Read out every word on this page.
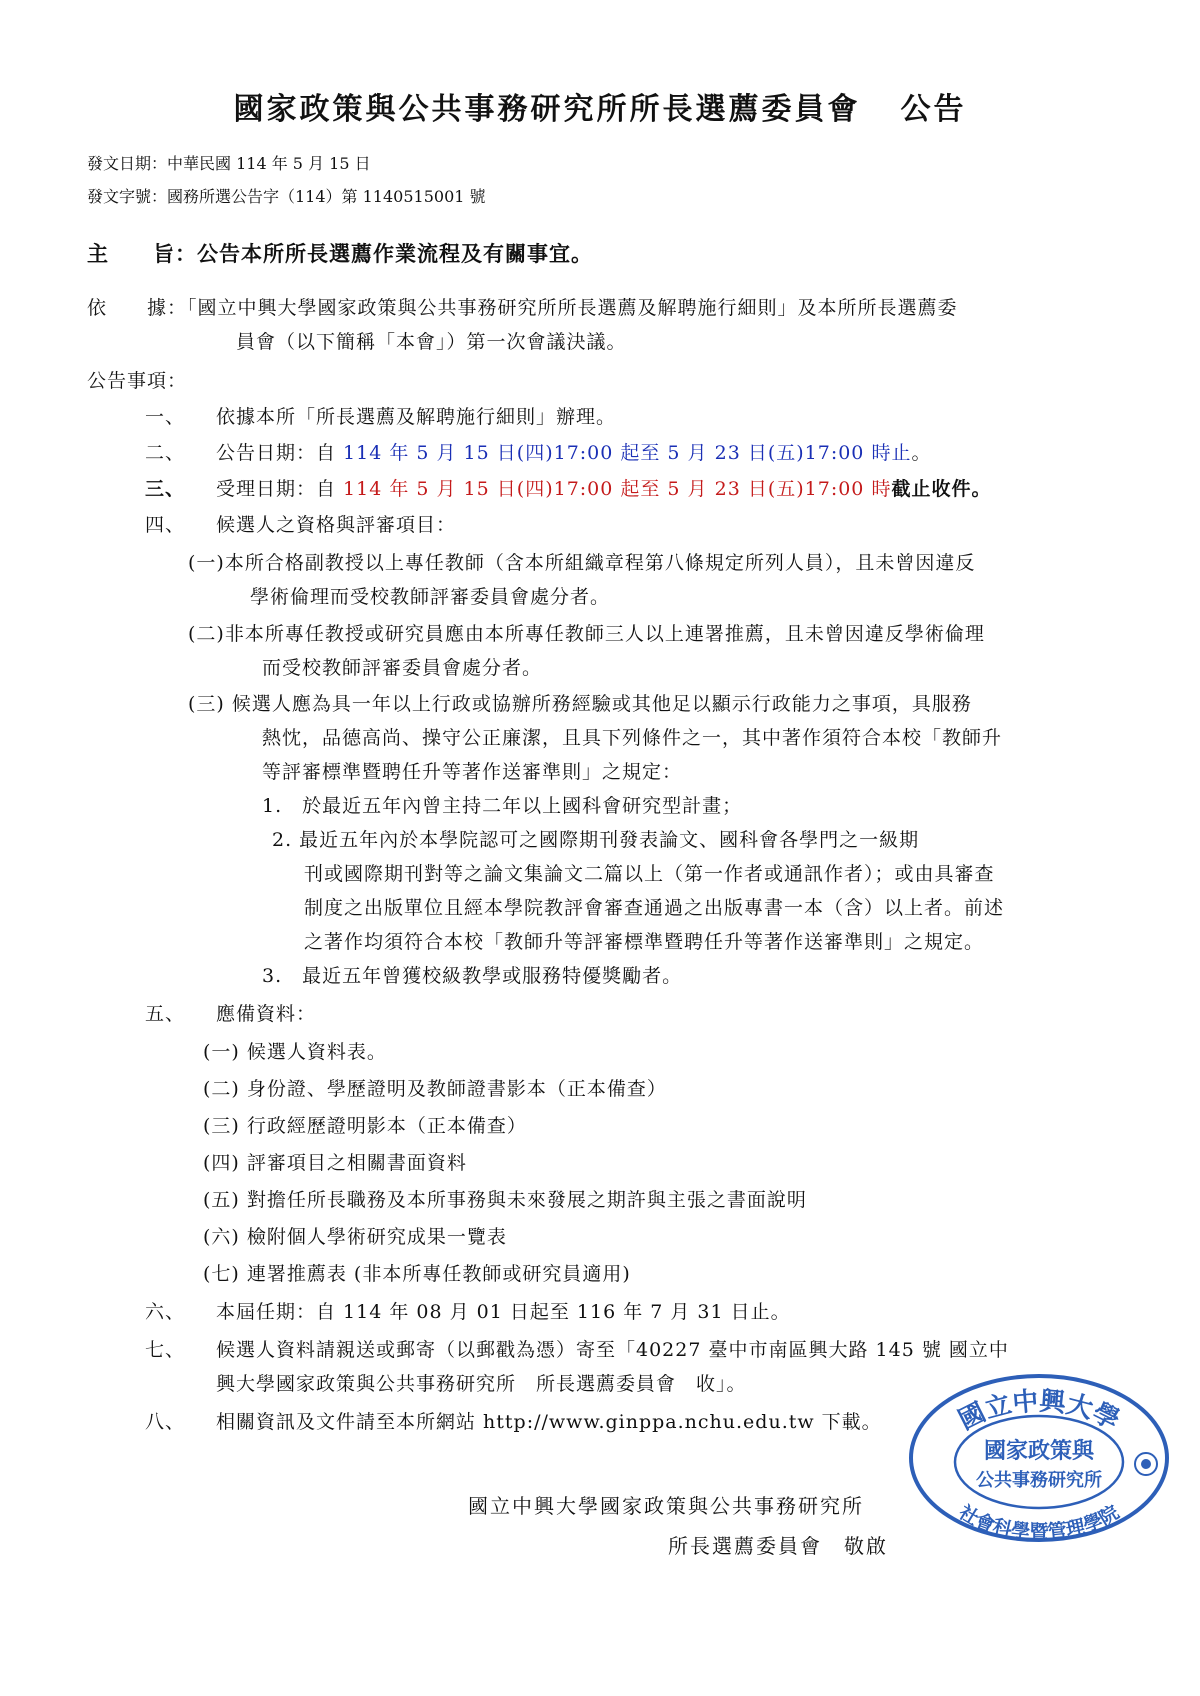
國家政策與公共事務研究所所長選薦委員會 公告
發文日期：中華民國 114 年 5 月 15 日
發文字號：國務所選公告字（114）第 1140515001 號
主　　旨：公告本所所長選薦作業流程及有關事宜。
依　　據：「國立中興大學國家政策與公共事務研究所所長選薦及解聘施行細則」及本所所長選薦委
員會（以下簡稱「本會」）第一次會議決議。
公告事項：
一、 依據本所「所長選薦及解聘施行細則」辦理。
二、 公告日期：自 114 年 5 月 15 日(四)17:00 起至 5 月 23 日(五)17:00 時止。
三、 受理日期：自 114 年 5 月 15 日(四)17:00 起至 5 月 23 日(五)17:00 時截止收件。
四、 候選人之資格與評審項目：
(一)本所合格副教授以上專任教師（含本所組織章程第八條規定所列人員），且未曾因違反
學術倫理而受校教師評審委員會處分者。
(二)非本所專任教授或研究員應由本所專任教師三人以上連署推薦，且未曾因違反學術倫理
而受校教師評審委員會處分者。
(三) 候選人應為具一年以上行政或協辦所務經驗或其他足以顯示行政能力之事項，具服務
熱忱，品德高尚、操守公正廉潔，且具下列條件之一，其中著作須符合本校「教師升
等評審標準暨聘任升等著作送審準則」之規定：
1.　於最近五年內曾主持二年以上國科會研究型計畫；
2. 最近五年內於本學院認可之國際期刊發表論文、國科會各學門之一級期
刊或國際期刊對等之論文集論文二篇以上（第一作者或通訊作者）；或由具審查
制度之出版單位且經本學院教評會審查通過之出版專書一本（含）以上者。前述
之著作均須符合本校「教師升等評審標準暨聘任升等著作送審準則」之規定。
3.　最近五年曾獲校級教學或服務特優獎勵者。
五、 應備資料：
(一) 候選人資料表。
(二) 身份證、學歷證明及教師證書影本（正本備查）
(三) 行政經歷證明影本（正本備查）
(四) 評審項目之相關書面資料
(五) 對擔任所長職務及本所事務與未來發展之期許與主張之書面說明
(六) 檢附個人學術研究成果一覽表
(七) 連署推薦表 (非本所專任教師或研究員適用)
六、 本屆任期：自 114 年 08 月 01 日起至 116 年 7 月 31 日止。
七、 候選人資料請親送或郵寄（以郵戳為憑）寄至「40227 臺中市南區興大路 145 號 國立中
興大學國家政策與公共事務研究所　所長選薦委員會　收」。
八、 相關資訊及文件請至本所網站 http://www.ginppa.nchu.edu.tw 下載。
國立中興大學國家政策與公共事務研究所
所長選薦委員會　敬啟
國立中興大學
國家政策與
公共事務研究所
社會科學暨管理學院
